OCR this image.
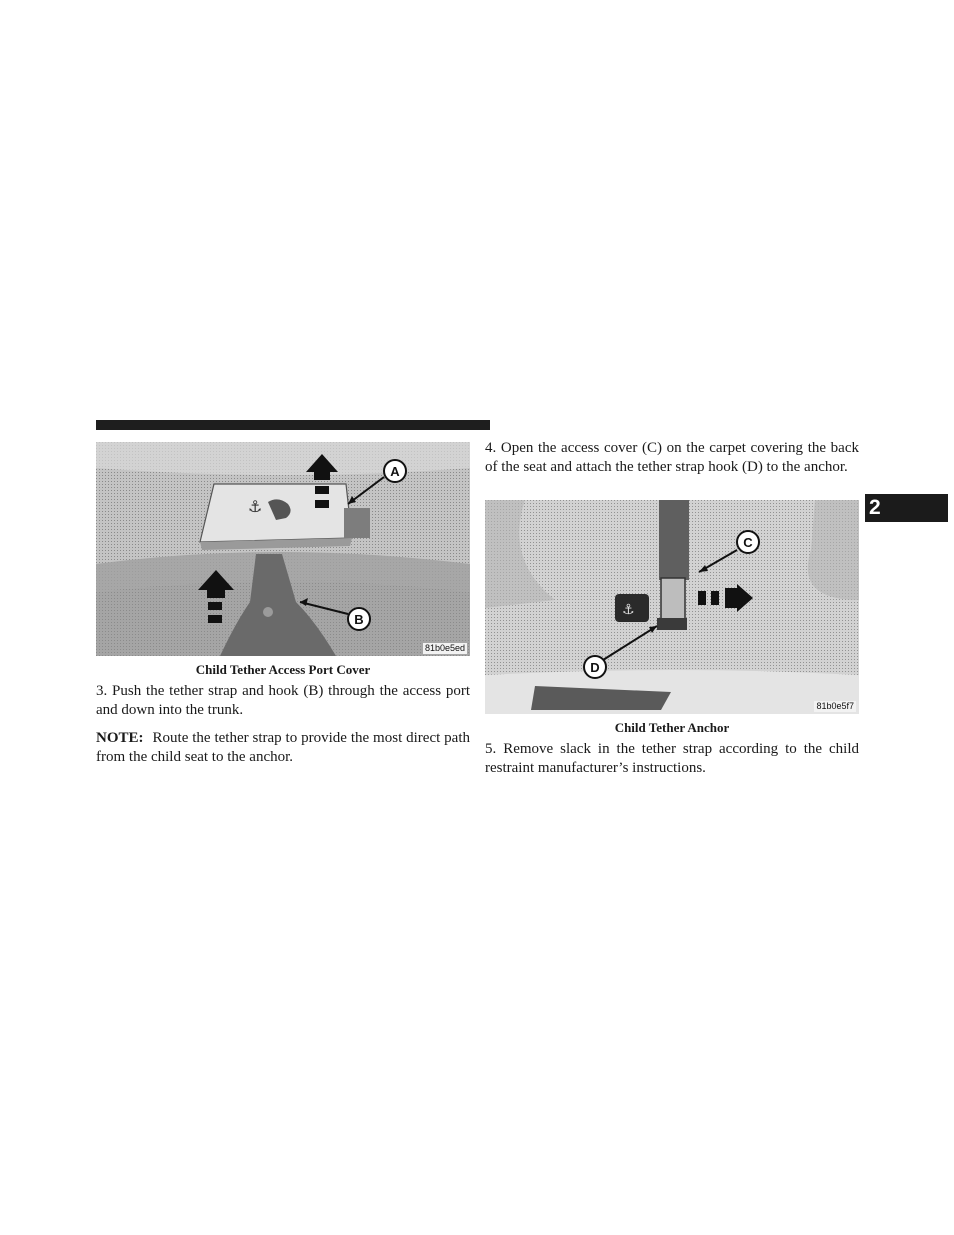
⚓
A
B
81b0e5ed
Child Tether Access Port Cover

3. Push the tether strap and hook (B) through the access port and down into the trunk.

NOTE: Route the tether strap to provide the most direct path from the child seat to the anchor.

4. Open the access cover (C) on the carpet covering the back of the seat and attach the tether strap hook (D) to the anchor.

⚓
C
D
81b0e5f7
Child Tether Anchor

5. Remove slack in the tether strap according to the child restraint manufacturer’s instructions.

2
